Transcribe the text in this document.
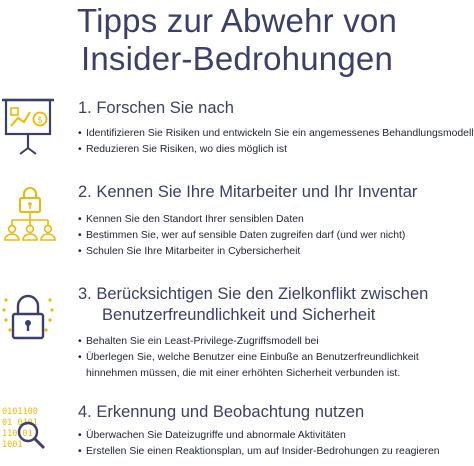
Tipps zur Abwehr von
Insider-Bedrohungen
$
1. Forschen Sie nach
• Identifizieren Sie Risiken und entwickeln Sie ein angemessenes Behandlungsmodell
• Reduzieren Sie Risiken, wo dies möglich ist
2. Kennen Sie Ihre Mitarbeiter und Ihr Inventar
• Kennen Sie den Standort Ihrer sensiblen Daten
• Bestimmen Sie, wer auf sensible Daten zugreifen darf (und wer nicht)
• Schulen Sie Ihre Mitarbeiter in Cybersicherheit
3. Berücksichtigen Sie den Zielkonflikt zwischen
Benutzerfreundlichkeit und Sicherheit
• Behalten Sie ein Least-Privilege-Zugriffsmodell bei
• Überlegen Sie, welche Benutzer eine Einbuße an Benutzerfreundlichkeit
hinnehmen müssen, die mit einer erhöhten Sicherheit verbunden ist.
0101100
01 0101
110 01
1001
4. Erkennung und Beobachtung nutzen
• Überwachen Sie Dateizugriffe und abnormale Aktivitäten
• Erstellen Sie einen Reaktionsplan, um auf Insider-Bedrohungen zu reagieren
